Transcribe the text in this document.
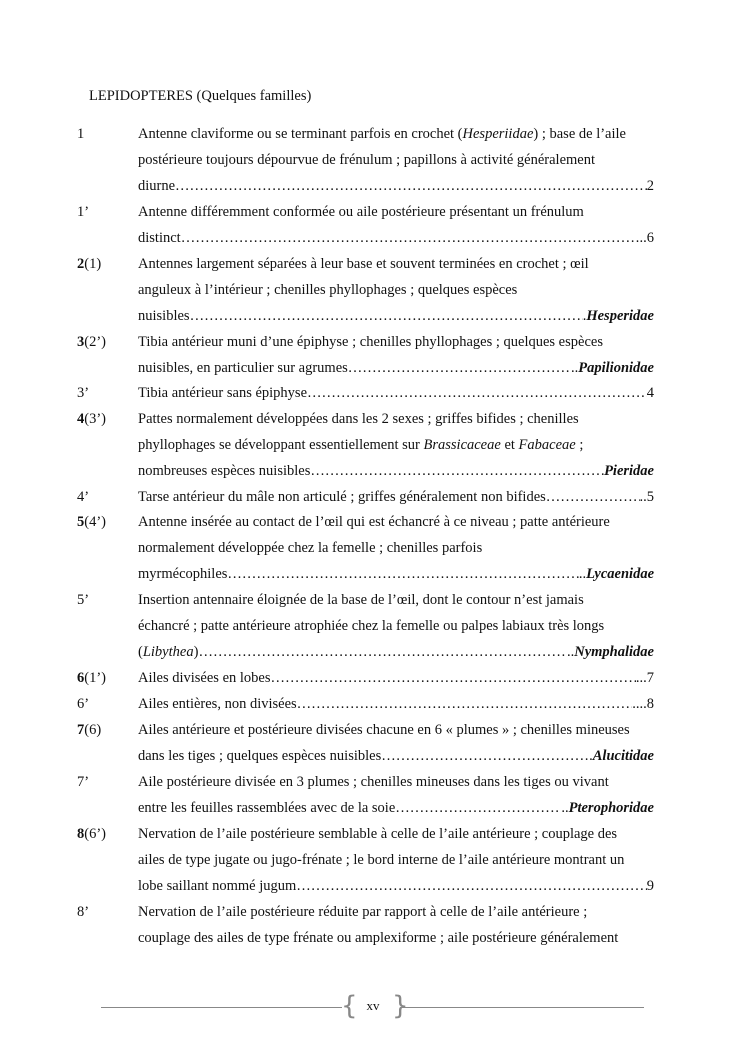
LEPIDOPTERES (Quelques familles)
1	Antenne claviforme ou se terminant parfois en crochet (Hesperiidae) ; base de l’aile
postérieure toujours dépourvue de frénulum ; papillons à activité généralement
diurne ……………………………………………………………………………………………………………………………………………	2
1’	Antenne différemment conformée ou aile postérieure présentant un frénulum
distinct ……………………………………………………………………………………………………………………………………………	..6
2(1)	Antennes largement séparées à leur base et souvent terminées en crochet ; œil
anguleux à l’intérieur ; chenilles phyllophages ; quelques espèces
nuisibles ……………………………………………………………………………………………………………………………………………	.Hesperidae
3(2’) Tibia antérieur muni d’une épiphyse ; chenilles phyllophages ; quelques espèces
nuisibles, en particulier sur agrumes ……………………………………………………………………………………………………………………………………………	..Papilionidae
3’	Tibia antérieur sans épiphyse ……………………………………………………………………………………………………………………………………………	4
4(3’) Pattes normalement développées dans les 2 sexes ; griffes bifides ; chenilles
phyllophages se développant essentiellement sur Brassicaceae et Fabaceae ;
nombreuses espèces nuisibles ……………………………………………………………………………………………………………………………………………	Pieridae
4’	Tarse antérieur du mâle non articulé ; griffes généralement non bifides ……………………………………………………………………………………………………………………………………………	..5
5(4’) Antenne insérée au contact de l’œil qui est échancré à ce niveau ; patte antérieure
normalement développée chez la femelle ; chenilles parfois
myrmécophiles ……………………………………………………………………………………………………………………………………………	..Lycaenidae
5’	Insertion antennaire éloignée de la base de l’œil, dont le contour n’est jamais
échancré ; patte antérieure atrophiée chez la femelle ou palpes labiaux très longs
(Libythea) ……………………………………………………………………………………………………………………………………………	..Nymphalidae
6(1’) Ailes divisées en lobes ……………………………………………………………………………………………………………………………………………	...7
6’	Ailes entières, non divisées ……………………………………………………………………………………………………………………………………………	....8
7(6)	Ailes antérieure et postérieure divisées chacune en 6 « plumes » ; chenilles mineuses
dans les tiges ; quelques espèces nuisibles ……………………………………………………………………………………………………………………………………………	.Alucitidae
7’	Aile postérieure divisée en 3 plumes ; chenilles mineuses dans les tiges ou vivant
entre les feuilles rassemblées avec de la soie ……………………………………………………………………………………………………………………………………………	..Pterophoridae
8(6’) Nervation de l’aile postérieure semblable à celle de l’aile antérieure ; couplage des
ailes de type jugate ou jugo-frénate ; le bord interne de l’aile antérieure montrant un
lobe saillant nommé jugum ……………………………………………………………………………………………………………………………………………	9
8’	Nervation de l’aile postérieure réduite par rapport à celle de l’aile antérieure ;
couplage des ailes de type frénate ou amplexiforme ; aile postérieure généralement
{ xv }
